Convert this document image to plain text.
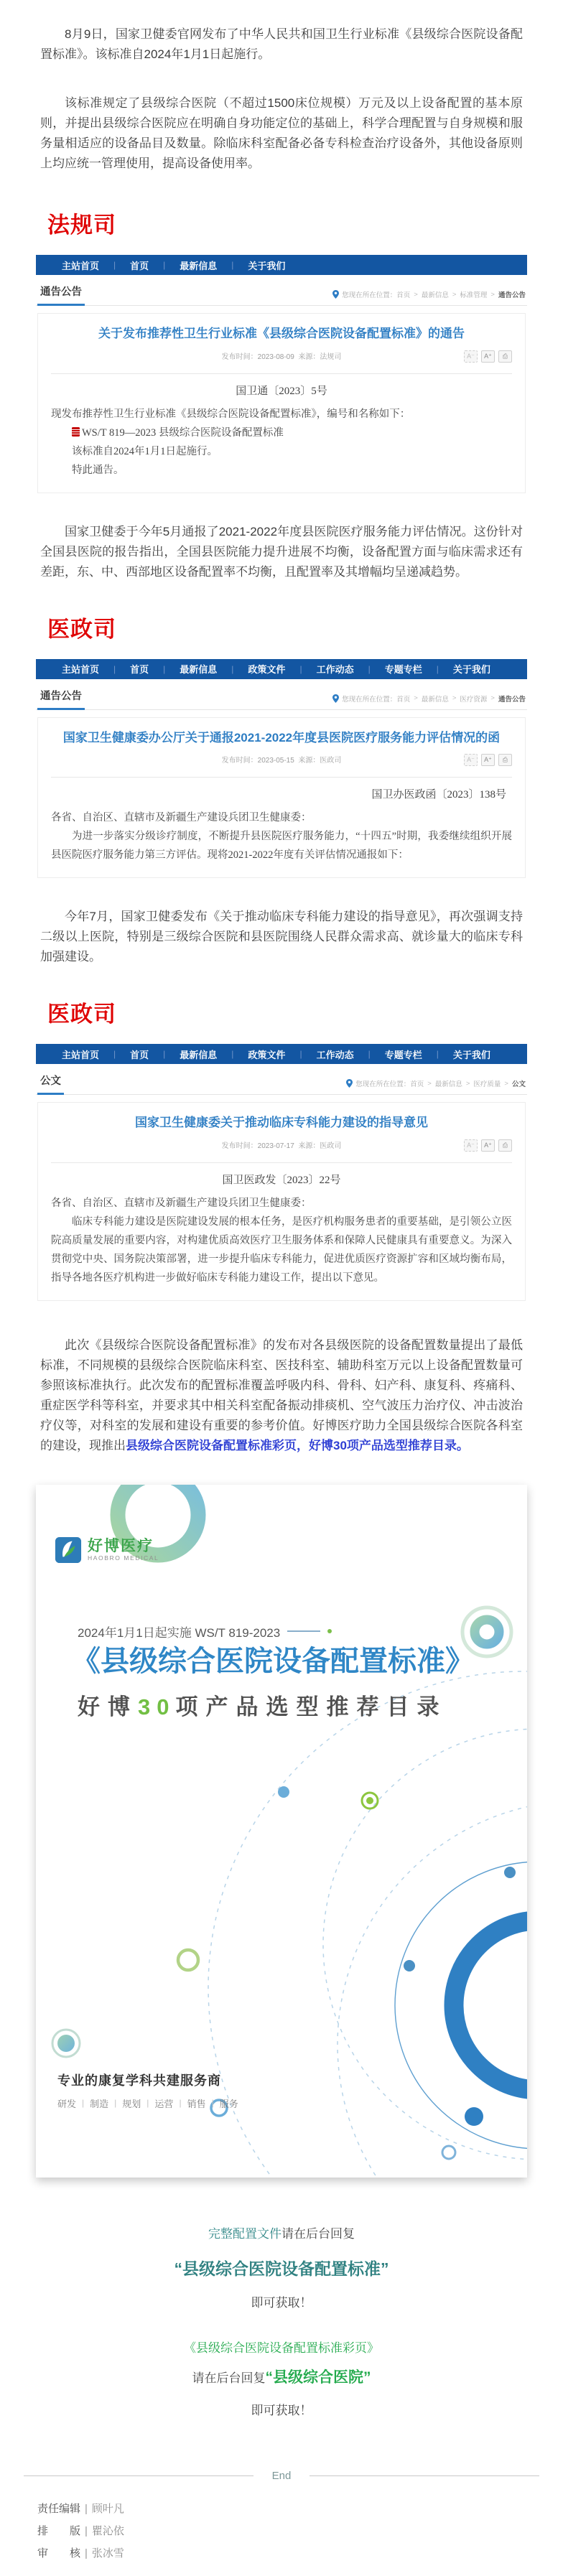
8月9日，国家卫健委官网发布了中华人民共和国卫生行业标准《县级综合医院设备配置标准》。该标准自2024年1月1日起施行。

该标准规定了县级综合医院（不超过1500床位规模）万元及以上设备配置的基本原则，并提出县级综合医院应在明确自身功能定位的基础上，科学合理配置与自身规模和服务量相适应的设备品目及数量。除临床科室配备必备专科检查治疗设备外，其他设备原则上均应统一管理使用，提高设备使用率。

法规司
主站首页	|	首页	|	最新信息	|	关于我们
通告公告	您现在所在位置： 首页 > 最新信息 > 标准管理 > 通告公告
关于发布推荐性卫生行业标准《县级综合医院设备配置标准》的通告
发布时间：2023-08-09 来源：法规司	A⁻	A⁺	⎙
国卫通〔2023〕5号
现发布推荐性卫生行业标准《县级综合医院设备配置标准》，编号和名称如下：
WS/T 819—2023 县级综合医院设备配置标准
该标准自2024年1月1日起施行。
特此通告。

国家卫健委于今年5月通报了2021-2022年度县医院医疗服务能力评估情况。这份针对全国县医院的报告指出，全国县医院能力提升进展不均衡，设备配置方面与临床需求还有差距，东、中、西部地区设备配置率不均衡，且配置率及其增幅均呈递减趋势。

医政司
主站首页	|	首页	|	最新信息	|	政策文件	|	工作动态	|	专题专栏	|	关于我们
通告公告	您现在所在位置： 首页 > 最新信息 > 医疗资源 > 通告公告
国家卫生健康委办公厅关于通报2021-2022年度县医院医疗服务能力评估情况的函
发布时间：2023-05-15 来源：医政司	A⁻	A⁺	⎙
国卫办医政函〔2023〕138号
各省、自治区、直辖市及新疆生产建设兵团卫生健康委：
为进一步落实分级诊疗制度，不断提升县医院医疗服务能力，“十四五”时期，我委继续组织开展县医院医疗服务能力第三方评估。现将2021-2022年度有关评估情况通报如下：

今年7月，国家卫健委发布《关于推动临床专科能力建设的指导意见》，再次强调支持二级以上医院，特别是三级综合医院和县医院围绕人民群众需求高、就诊量大的临床专科加强建设。

医政司
主站首页	|	首页	|	最新信息	|	政策文件	|	工作动态	|	专题专栏	|	关于我们
公文	您现在所在位置： 首页 > 最新信息 > 医疗质量 > 公文
国家卫生健康委关于推动临床专科能力建设的指导意见
发布时间：2023-07-17 来源：医政司	A⁻	A⁺	⎙
国卫医政发〔2023〕22号
各省、自治区、直辖市及新疆生产建设兵团卫生健康委：
临床专科能力建设是医院建设发展的根本任务，是医疗机构服务患者的重要基础，是引领公立医院高质量发展的重要内容，对构建优质高效医疗卫生服务体系和保障人民健康具有重要意义。为深入贯彻党中央、国务院决策部署，进一步提升临床专科能力，促进优质医疗资源扩容和区域均衡布局，指导各地各医疗机构进一步做好临床专科能力建设工作，提出以下意见。

此次《县级综合医院设备配置标准》的发布对各县级医院的设备配置数量提出了最低标准，不同规模的县级综合医院临床科室、医技科室、辅助科室万元以上设备配置数量可参照该标准执行。此次发布的配置标准覆盖呼吸内科、骨科、妇产科、康复科、疼痛科、重症医学科等科室，并要求其中相关科室配备振动排痰机、空气波压力治疗仪、冲击波治疗仪等，对科室的发展和建设有重要的参考价值。好博医疗助力全国县级综合医院各科室的建设，现推出县级综合医院设备配置标准彩页，好博30项产品选型推荐目录。

好博医疗
HAOBRO MEDICAL
2024年1月1日起实施 WS/T 819-2023
《县级综合医院设备配置标准》
好博30项产品选型推荐目录
专业的康复学科共建服务商
研发 | 制造 | 规划 | 运营 | 销售 | 服务
完整配置文件请在后台回复
“县级综合医院设备配置标准”
即可获取！
《县级综合医院设备配置标准彩页》
请在后台回复“县级综合医院”
即可获取！
End
责任编辑 | 顾叶凡
排　　版 | 瞿沁依
审　　核 | 张冰雪
